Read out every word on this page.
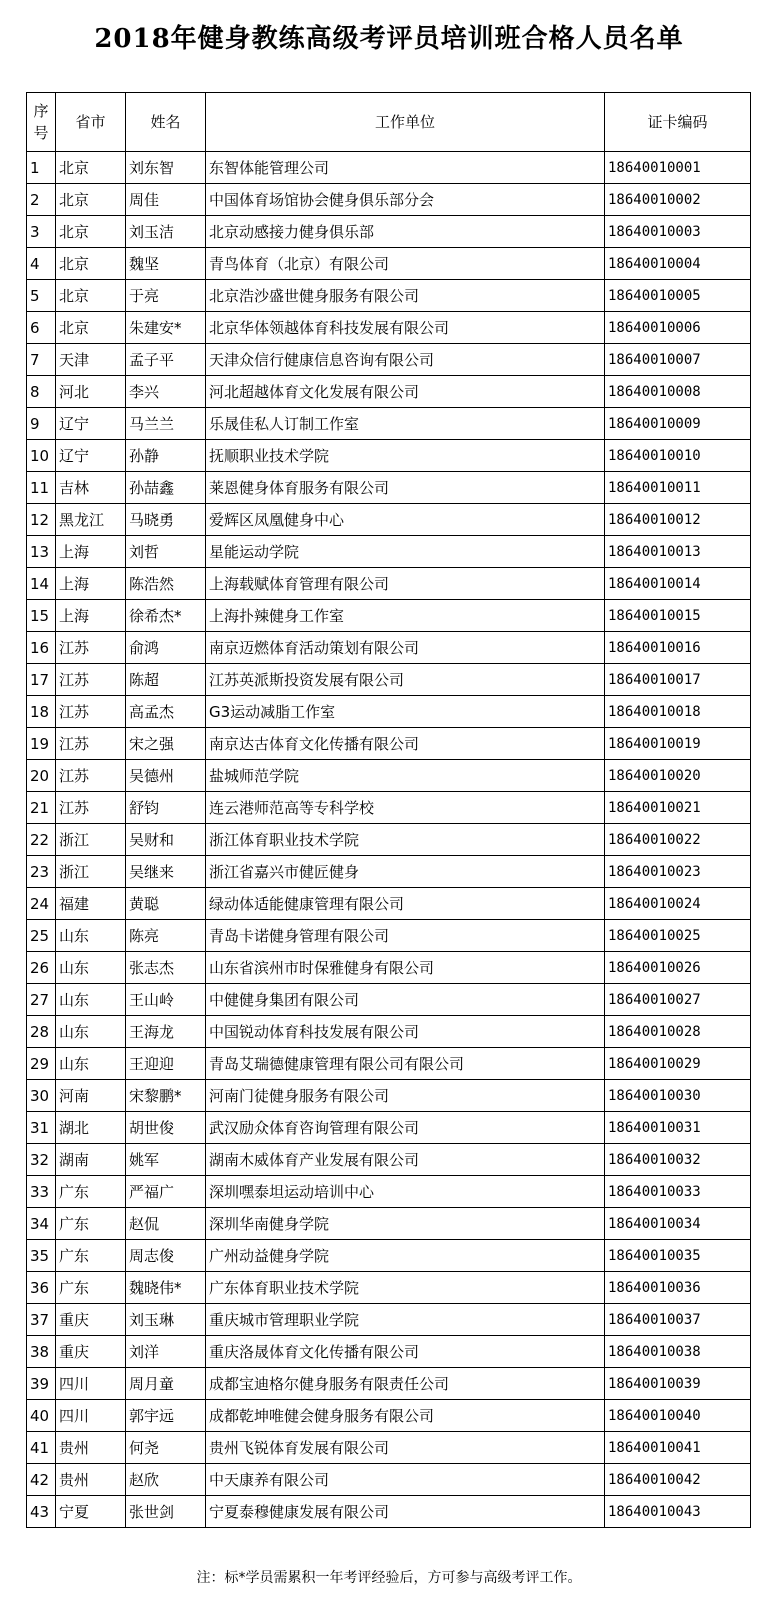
2018年健身教练高级考评员培训班合格人员名单
序号	省市	姓名	工作单位	证卡编码
1	北京	刘东智	东智体能管理公司	18640010001
2	北京	周佳	中国体育场馆协会健身俱乐部分会	18640010002
3	北京	刘玉洁	北京动感接力健身俱乐部	18640010003
4	北京	魏坚	青鸟体育（北京）有限公司	18640010004
5	北京	于亮	北京浩沙盛世健身服务有限公司	18640010005
6	北京	朱建安*	北京华体领越体育科技发展有限公司	18640010006
7	天津	孟子平	天津众信行健康信息咨询有限公司	18640010007
8	河北	李兴	河北超越体育文化发展有限公司	18640010008
9	辽宁	马兰兰	乐晟佳私人订制工作室	18640010009
10	辽宁	孙静	抚顺职业技术学院	18640010010
11	吉林	孙喆鑫	莱恩健身体育服务有限公司	18640010011
12	黑龙江	马晓勇	爱辉区凤凰健身中心	18640010012
13	上海	刘哲	星能运动学院	18640010013
14	上海	陈浩然	上海载赋体育管理有限公司	18640010014
15	上海	徐希杰*	上海扑辣健身工作室	18640010015
16	江苏	俞鸿	南京迈燃体育活动策划有限公司	18640010016
17	江苏	陈超	江苏英派斯投资发展有限公司	18640010017
18	江苏	高孟杰	G3运动减脂工作室	18640010018
19	江苏	宋之强	南京达古体育文化传播有限公司	18640010019
20	江苏	吴德州	盐城师范学院	18640010020
21	江苏	舒钧	连云港师范高等专科学校	18640010021
22	浙江	吴财和	浙江体育职业技术学院	18640010022
23	浙江	吴继来	浙江省嘉兴市健匠健身	18640010023
24	福建	黄聪	绿动体适能健康管理有限公司	18640010024
25	山东	陈亮	青岛卡诺健身管理有限公司	18640010025
26	山东	张志杰	山东省滨州市时保雅健身有限公司	18640010026
27	山东	王山岭	中健健身集团有限公司	18640010027
28	山东	王海龙	中国锐动体育科技发展有限公司	18640010028
29	山东	王迎迎	青岛艾瑞德健康管理有限公司有限公司	18640010029
30	河南	宋黎鹏*	河南门徒健身服务有限公司	18640010030
31	湖北	胡世俊	武汉励众体育咨询管理有限公司	18640010031
32	湖南	姚军	湖南木威体育产业发展有限公司	18640010032
33	广东	严福广	深圳嘿泰坦运动培训中心	18640010033
34	广东	赵侃	深圳华南健身学院	18640010034
35	广东	周志俊	广州动益健身学院	18640010035
36	广东	魏晓伟*	广东体育职业技术学院	18640010036
37	重庆	刘玉琳	重庆城市管理职业学院	18640010037
38	重庆	刘洋	重庆洛晟体育文化传播有限公司	18640010038
39	四川	周月童	成都宝迪格尔健身服务有限责任公司	18640010039
40	四川	郭宇远	成都乾坤唯健会健身服务有限公司	18640010040
41	贵州	何尧	贵州飞锐体育发展有限公司	18640010041
42	贵州	赵欣	中天康养有限公司	18640010042
43	宁夏	张世剑	宁夏泰穆健康发展有限公司	18640010043
注：标*学员需累积一年考评经验后，方可参与高级考评工作。
